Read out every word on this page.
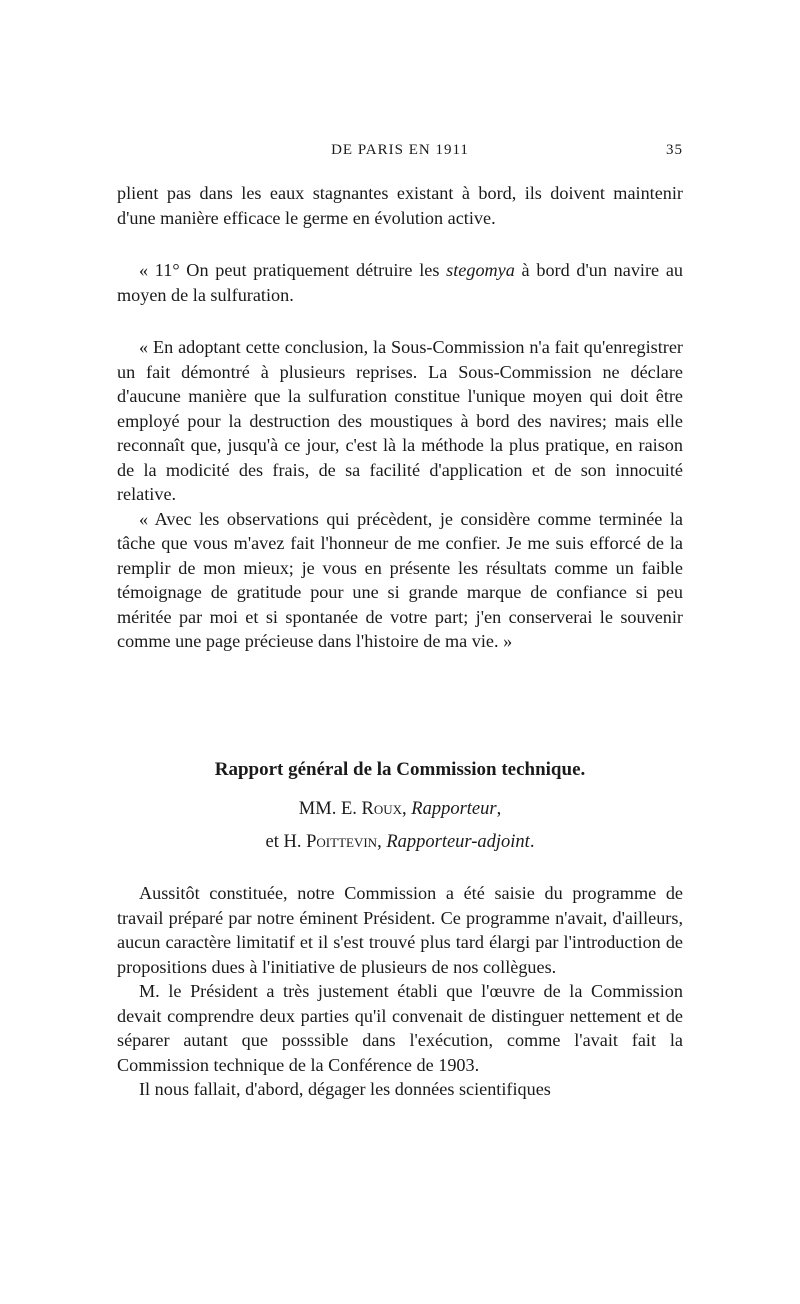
DE PARIS EN 1911	35

plient pas dans les eaux stagnantes existant à bord, ils doivent maintenir d'une manière efficace le germe en évolution active.

« 11° On peut pratiquement détruire les stegomya à bord d'un navire au moyen de la sulfuration.

« En adoptant cette conclusion, la Sous-Commission n'a fait qu'enregistrer un fait démontré à plusieurs reprises. La Sous-Commission ne déclare d'aucune manière que la sulfuration constitue l'unique moyen qui doit être employé pour la destruction des moustiques à bord des navires; mais elle reconnaît que, jusqu'à ce jour, c'est là la méthode la plus pratique, en raison de la modicité des frais, de sa facilité d'application et de son innocuité relative.

« Avec les observations qui précèdent, je considère comme terminée la tâche que vous m'avez fait l'honneur de me confier. Je me suis efforcé de la remplir de mon mieux; je vous en présente les résultats comme un faible témoignage de gratitude pour une si grande marque de confiance si peu méritée par moi et si spontanée de votre part; j'en conserverai le souvenir comme une page précieuse dans l'histoire de ma vie. »

Rapport général de la Commission technique.
MM. E. Roux, Rapporteur,
et H. Poittevin, Rapporteur-adjoint.

Aussitôt constituée, notre Commission a été saisie du programme de travail préparé par notre éminent Président. Ce programme n'avait, d'ailleurs, aucun caractère limitatif et il s'est trouvé plus tard élargi par l'introduction de propositions dues à l'initiative de plusieurs de nos collègues.

M. le Président a très justement établi que l'œuvre de la Commission devait comprendre deux parties qu'il convenait de distinguer nettement et de séparer autant que posssible dans l'exécution, comme l'avait fait la Commission technique de la Conférence de 1903.

Il nous fallait, d'abord, dégager les données scientifiques
